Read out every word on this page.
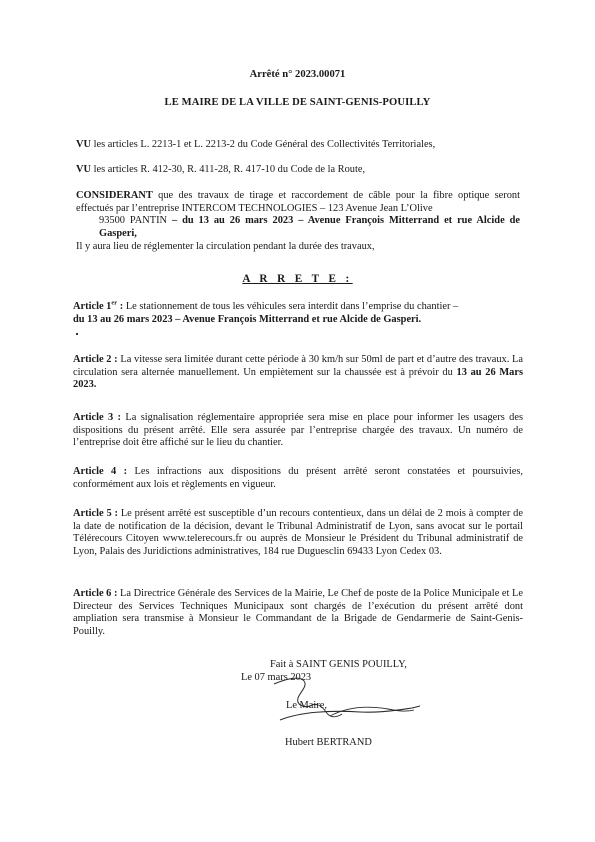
Arrêté n° 2023.00071
LE MAIRE DE LA VILLE DE SAINT-GENIS-POUILLY
VU les articles L. 2213-1 et L. 2213-2 du Code Général des Collectivités Territoriales,
VU les articles R. 412-30, R. 411-28, R. 417-10 du Code de la Route,
CONSIDERANT que des travaux de tirage et raccordement de câble pour la fibre optique seront effectués par l’entreprise INTERCOM TECHNOLOGIES – 123 Avenue Jean L’Olive
93500 PANTIN – du 13 au 26 mars 2023 – Avenue François Mitterrand et rue Alcide de Gasperi,
Il y aura lieu de réglementer la circulation pendant la durée des travaux,
A R R E T E :
Article 1er : Le stationnement de tous les véhicules sera interdit dans l’emprise du chantier –
du 13 au 26 mars 2023 – Avenue François Mitterrand et rue Alcide de Gasperi.
Article 2 : La vitesse sera limitée durant cette période à 30 km/h sur 50ml de part et d’autre des travaux. La circulation sera alternée manuellement. Un empiètement sur la chaussée est à prévoir du 13 au 26 Mars 2023.
Article 3 : La signalisation réglementaire appropriée sera mise en place pour informer les usagers des dispositions du présent arrêté. Elle sera assurée par l’entreprise chargée des travaux. Un numéro de l’entreprise doit être affiché sur le lieu du chantier.
Article 4 : Les infractions aux dispositions du présent arrêté seront constatées et poursuivies, conformément aux lois et règlements en vigueur.
Article 5 : Le présent arrêté est susceptible d’un recours contentieux, dans un délai de 2 mois à compter de la date de notification de la décision, devant le Tribunal Administratif de Lyon, sans avocat sur le portail Télérecours Citoyen www.telerecours.fr ou auprès de Monsieur le Président du Tribunal administratif de Lyon, Palais des Juridictions administratives, 184 rue Duguesclin 69433 Lyon Cedex 03.
Article 6 : La Directrice Générale des Services de la Mairie, Le Chef de poste de la Police Municipale et Le Directeur des Services Techniques Municipaux sont chargés de l’exécution du présent arrêté dont ampliation sera transmise à Monsieur le Commandant de la Brigade de Gendarmerie de Saint-Genis-Pouilly.
Fait à SAINT GENIS POUILLY,
Le 07 mars 2023
Le Maire,
Hubert BERTRAND
